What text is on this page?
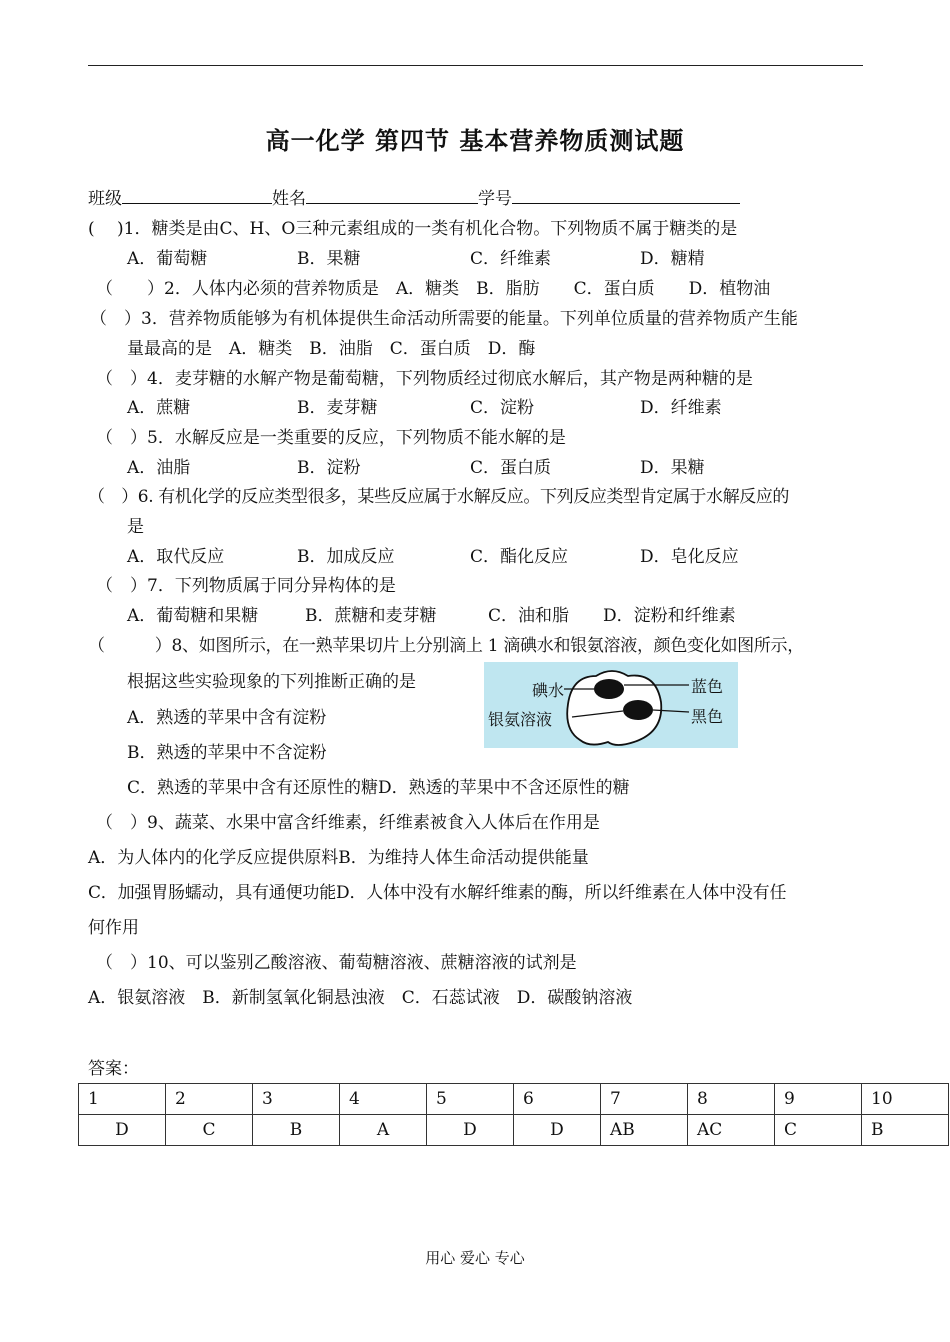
高一化学 第四节 基本营养物质测试题
班级	姓名	学号
(　 )1．糖类是由C、H、O三种元素组成的一类有机化合物。下列物质不属于糖类的是
A．葡萄糖	B．果糖	C．纤维素	D．糖精
（　　）2．人体内必须的营养物质是　A．糖类　B．脂肪　　C．蛋白质　　D．植物油
（　）3．营养物质能够为有机体提供生命活动所需要的能量。下列单位质量的营养物质产生能
量最高的是　A．糖类　B．油脂　C．蛋白质　D．酶
（　）4．麦芽糖的水解产物是葡萄糖，下列物质经过彻底水解后，其产物是两种糖的是
A．蔗糖	B．麦芽糖	C．淀粉	D．纤维素
（　）5．水解反应是一类重要的反应，下列物质不能水解的是
A．油脂	B．淀粉	C．蛋白质	D．果糖
（　）6. 有机化学的反应类型很多，某些反应属于水解反应。下列反应类型肯定属于水解反应的
是
A．取代反应	B．加成反应	C．酯化反应	D．皂化反应
（　）7．下列物质属于同分异构体的是
A．葡萄糖和果糖	B．蔗糖和麦芽糖	C．油和脂 D．淀粉和纤维素
（　　　）8、如图所示，在一熟苹果切片上分别滴上 1 滴碘水和银氨溶液，颜色变化如图所示，
根据这些实验现象的下列推断正确的是
A．熟透的苹果中含有淀粉
B．熟透的苹果中不含淀粉
C．熟透的苹果中含有还原性的糖D．熟透的苹果中不含还原性的糖
碘水
银氨溶液
蓝色
黑色
（　）9、蔬菜、水果中富含纤维素，纤维素被食入人体后在作用是
A．为人体内的化学反应提供原料B．为维持人体生命活动提供能量
C．加强胃肠蠕动，具有通便功能D．人体中没有水解纤维素的酶，所以纤维素在人体中没有任
何作用
（　）10、可以鉴别乙酸溶液、葡萄糖溶液、蔗糖溶液的试剂是
A．银氨溶液　B．新制氢氧化铜悬浊液　C．石蕊试液　D．碳酸钠溶液
答案：
1	2	3	4	5	6	7	8	9	10
D	C	B	A	D	D	AB	AC	C	B
用心 爱心 专心
